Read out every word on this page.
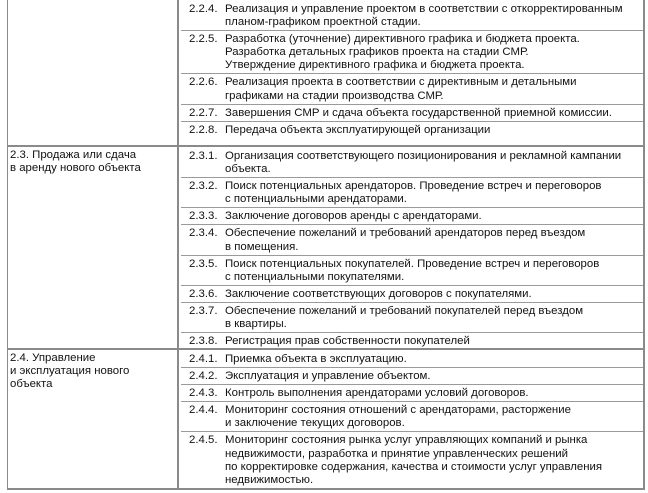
2.2.4. Реализация и управление проектом в соответствии с откорректированным
планом-графиком проектной стадии.
2.2.5. Разработка (уточнение) директивного графика и бюджета проекта.
Разработка детальных графиков проекта на стадии СМР.
Утверждение директивного графика и бюджета проекта.
2.2.6. Реализация проекта в соответствии с директивным и детальными
графиками на стадии производства СМР.
2.2.7. Завершения СМР и сдача объекта государственной приемной комиссии.
2.2.8. Передача объекта эксплуатирующей организации
2.3. Продажа или сдача
в аренду нового объекта
2.3.1. Организация соответствующего позиционирования и рекламной кампании
объекта.
2.3.2. Поиск потенциальных арендаторов. Проведение встреч и переговоров
с потенциальными арендаторами.
2.3.3. Заключение договоров аренды с арендаторами.
2.3.4. Обеспечение пожеланий и требований арендаторов перед въездом
в помещения.
2.3.5. Поиск потенциальных покупателей. Проведение встреч и переговоров
с потенциальными покупателями.
2.3.6. Заключение соответствующих договоров с покупателями.
2.3.7. Обеспечение пожеланий и требований покупателей перед въездом
в квартиры.
2.3.8. Регистрация прав собственности покупателей
2.4. Управление
и эксплуатация нового
объекта
2.4.1. Приемка объекта в эксплуатацию.
2.4.2. Эксплуатация и управление объектом.
2.4.3. Контроль выполнения арендаторами условий договоров.
2.4.4. Мониторинг состояния отношений с арендаторами, расторжение
и заключение текущих договоров.
2.4.5. Мониторинг состояния рынка услуг управляющих компаний и рынка
недвижимости, разработка и принятие управленческих решений
по корректировке содержания, качества и стоимости услуг управления
недвижимостью.
